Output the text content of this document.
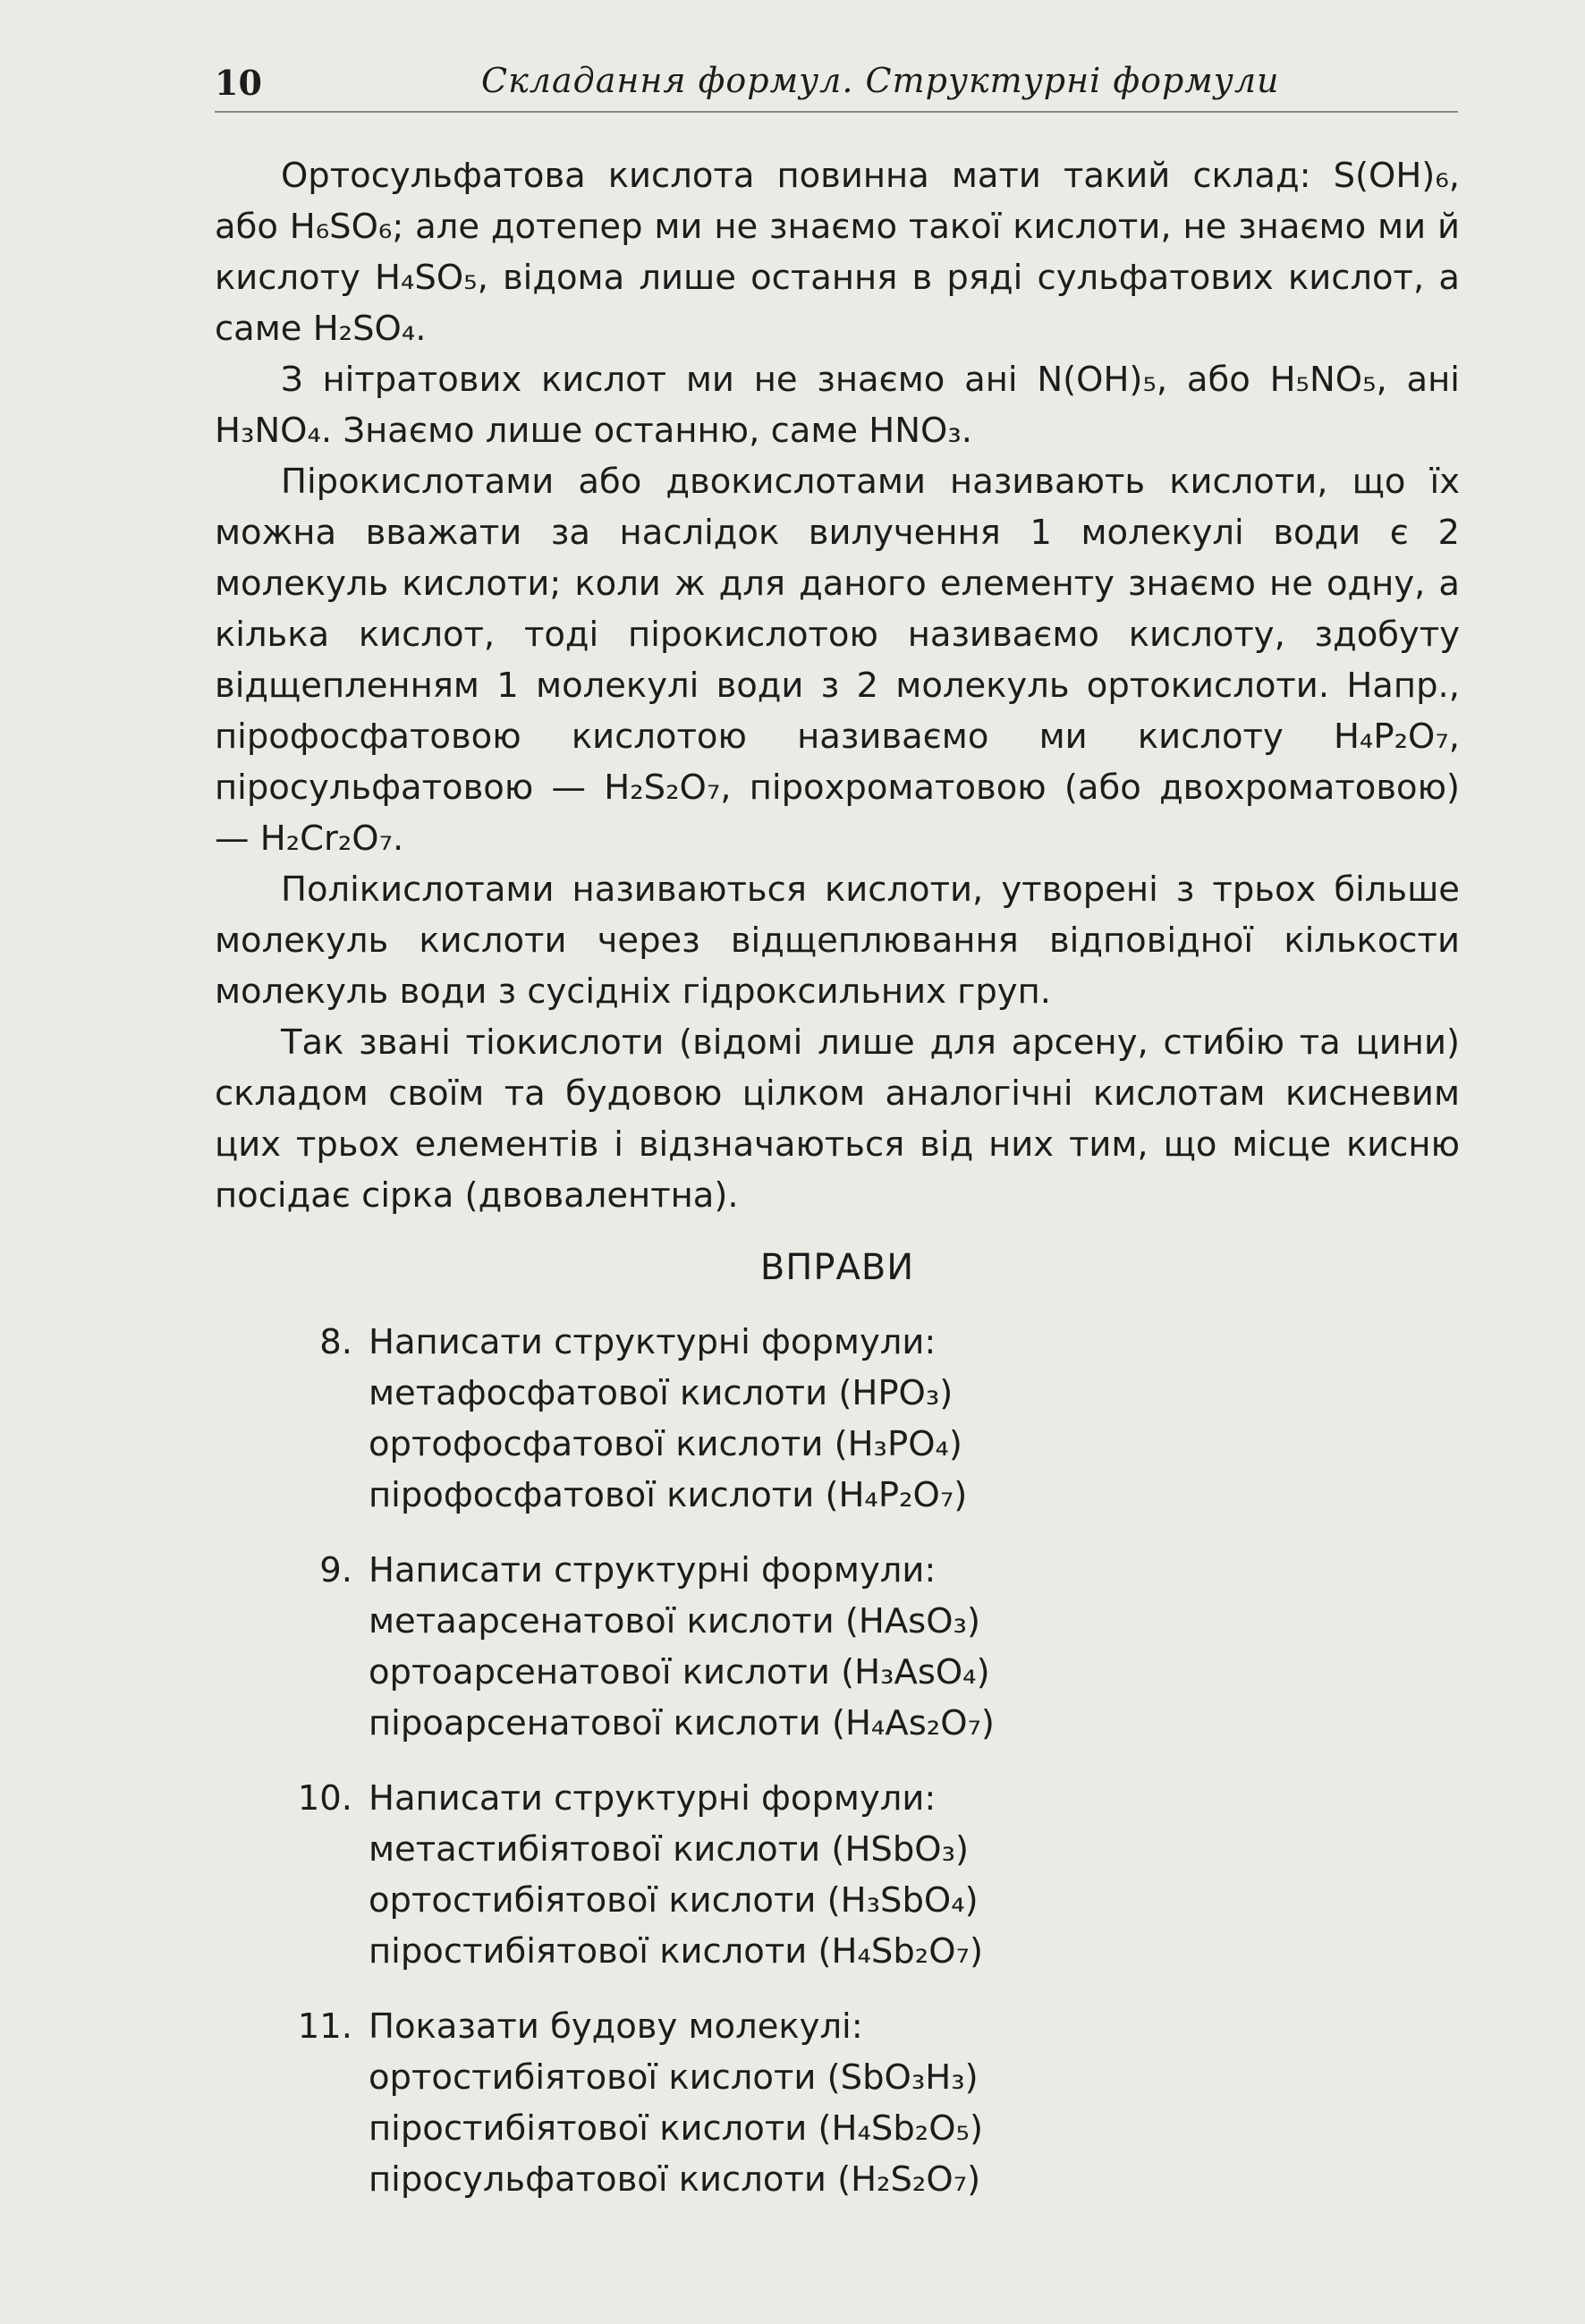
10	Складання формул. Структурні формули

Ортосульфатова кислота повинна мати такий склад: S(OH)₆, або H₆SO₆; але дотепер ми не знаємо такої кислоти, не знаємо ми й кислоту H₄SO₅, відома лише остання в ряді сульфатових кислот, а саме H₂SO₄.

З нітратових кислот ми не знаємо ані N(OH)₅, або H₅NO₅, ані H₃NO₄. Знаємо лише останню, саме HNO₃.

Пірокислотами або двокислотами називають кислоти, що їх можна вважати за наслідок вилучення 1 молекулі води є 2 молекуль кислоти; коли ж для даного елементу знаємо не одну, а кілька кислот, тоді пірокислотою називаємо кислоту, здобуту відщепленням 1 молекулі води з 2 молекуль ортокислоти. Напр., пірофосфатовою кислотою називаємо ми кислоту H₄P₂O₇, піросульфатовою — H₂S₂O₇, пірохроматовою (або двохроматовою) — H₂Cr₂O₇.

Полікислотами називаються кислоти, утворені з трьох більше молекуль кислоти через відщеплювання відповідної кількости молекуль води з сусідніх гідроксильних груп.

Так звані тіокислоти (відомі лише для арсену, стибію та цини) складом своїм та будовою цілком аналогічні кислотам кисневим цих трьох елементів і відзначаються від них тим, що місце кисню посідає сірка (двовалентна).

ВПРАВИ
8. Написати структурні формули:
метафосфатової кислоти (HPO₃)
ортофосфатової кислоти (H₃PO₄)
пірофосфатової кислоти (H₄P₂O₇)
9. Написати структурні формули:
метаарсенатової кислоти (HAsO₃)
ортоарсенатової кислоти (H₃AsO₄)
піроарсенатової кислоти (H₄As₂O₇)
10. Написати структурні формули:
метастибіятової кислоти (HSbO₃)
ортостибіятової кислоти (H₃SbO₄)
піростибіятової кислоти (H₄Sb₂O₇)
11. Показати будову молекулі:
ортостибіятової кислоти (SbO₃H₃)
піростибіятової кислоти (H₄Sb₂O₅)
піросульфатової кислоти (H₂S₂O₇)
